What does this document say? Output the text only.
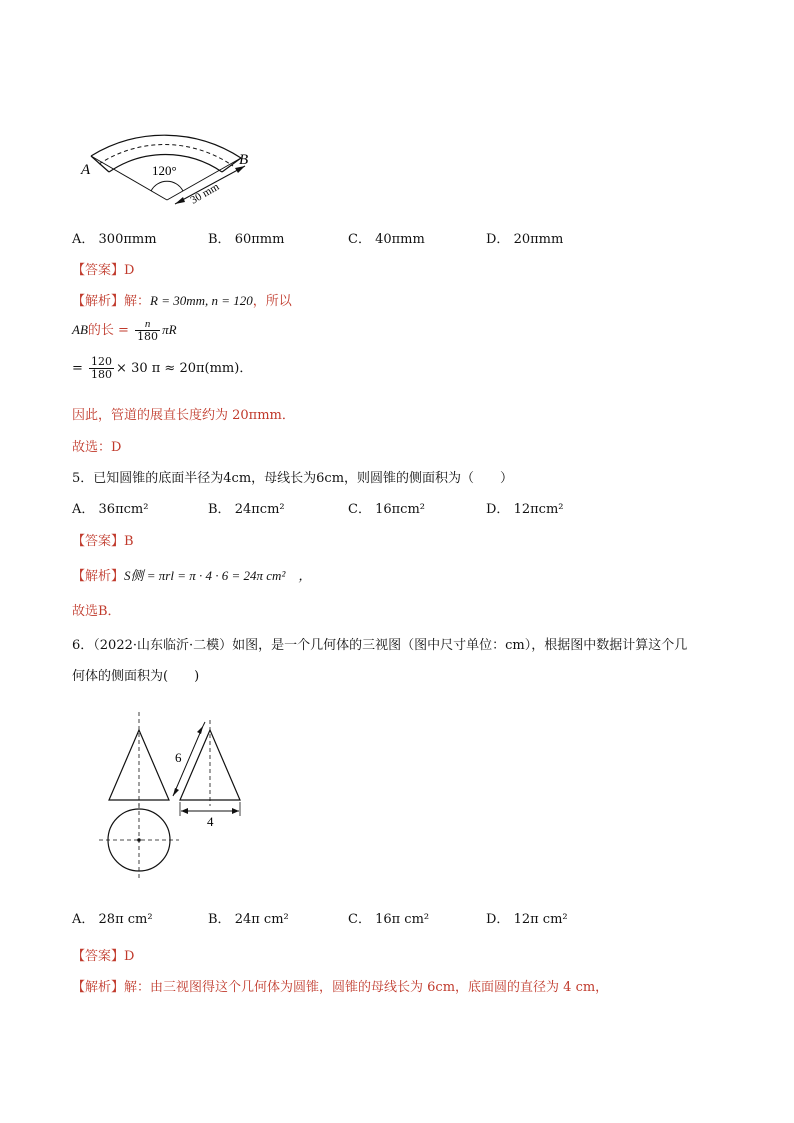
A
B
120°
30 mm
A． 300πmm	B． 60πmm	C． 40πmm	D． 20πmm
【答案】D
【解析】解：R = 30mm, n = 120，所以
AB的长 = $\frac{n}{180}$ πR
= $\frac{120}{180} \times 30$ π ≈ 20π(mm)．
因此，管道的展直长度约为 20πmm．
故选：D
5．已知圆锥的底面半径为4cm，母线长为6cm，则圆锥的侧面积为（　　）
A． 36πcm²	B． 24πcm²	C． 16πcm²	D． 12πcm²
【答案】B
【解析】S侧 = πrl = π · 4 · 6 = 24π cm²　，
故选B．
6．（2022·山东临沂·二模）如图，是一个几何体的三视图（图中尺寸单位：cm），根据图中数据计算这个几
何体的侧面积为(　　)
6
4
A． 28π cm²	B． 24π cm²	C． 16π cm²	D． 12π cm²
【答案】D
【解析】解：由三视图得这个几何体为圆锥，圆锥的母线长为 6cm，底面圆的直径为 4 cm，
